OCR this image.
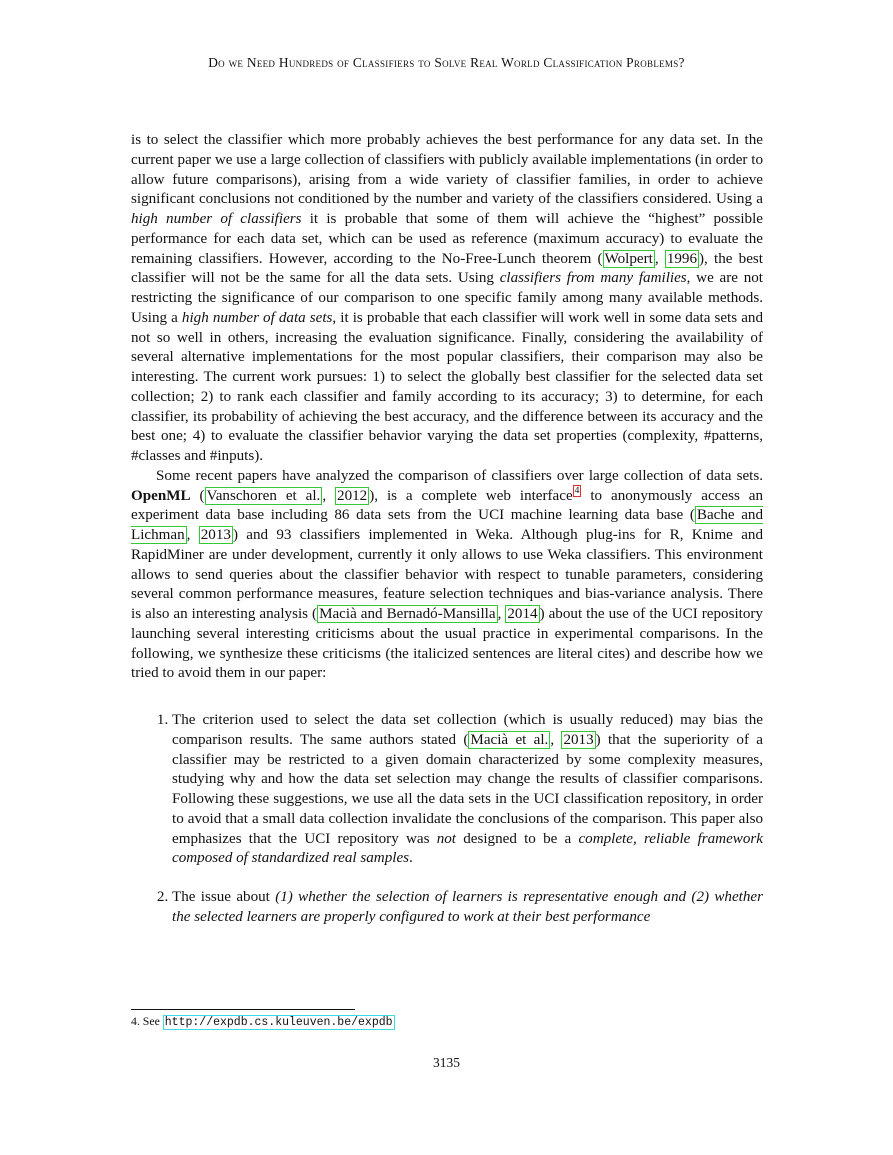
Do we Need Hundreds of Classifiers to Solve Real World Classification Problems?

is to select the classifier which more probably achieves the best performance for any data set. In the current paper we use a large collection of classifiers with publicly available implementations (in order to allow future comparisons), arising from a wide variety of classifier families, in order to achieve significant conclusions not conditioned by the number and variety of the classifiers considered. Using a high number of classifiers it is probable that some of them will achieve the “highest” possible performance for each data set, which can be used as reference (maximum accuracy) to evaluate the remaining classifiers. However, according to the No-Free-Lunch theorem ( Wolpert , 1996 ), the best classifier will not be the same for all the data sets. Using classifiers from many families, we are not restricting the significance of our comparison to one specific family among many available methods. Using a high number of data sets, it is probable that each classifier will work well in some data sets and not so well in others, increasing the evaluation significance. Finally, considering the availability of several alternative implementations for the most popular classifiers, their comparison may also be interesting. The current work pursues: 1) to select the globally best classifier for the selected data set collection; 2) to rank each classifier and family according to its accuracy; 3) to determine, for each classifier, its probability of achieving the best accuracy, and the difference between its accuracy and the best one; 4) to evaluate the classifier behavior varying the data set properties (complexity, #patterns, #classes and #inputs).

Some recent papers have analyzed the comparison of classifiers over large collection of data sets. OpenML ( Vanschoren et al. , 2012 ), is a complete web interface $^4$ to anonymously access an experiment data base including 86 data sets from the UCI machine learning data base ( Bache and Lichman , 2013 ) and 93 classifiers implemented in Weka. Although plug-ins for R, Knime and RapidMiner are under development, currently it only allows to use Weka classifiers. This environment allows to send queries about the classifier behavior with respect to tunable parameters, considering several common performance measures, feature selection techniques and bias-variance analysis. There is also an interesting analysis ( Macià and Bernadó-Mansilla , 2014 ) about the use of the UCI repository launching several interesting criticisms about the usual practice in experimental comparisons. In the following, we synthesize these criticisms (the italicized sentences are literal cites) and describe how we tried to avoid them in our paper:

1. The criterion used to select the data set collection (which is usually reduced) may bias the comparison results. The same authors stated ( Macià et al. , 2013 ) that the superiority of a classifier may be restricted to a given domain characterized by some complexity measures, studying why and how the data set selection may change the results of classifier comparisons. Following these suggestions, we use all the data sets in the UCI classification repository, in order to avoid that a small data collection invalidate the conclusions of the comparison. This paper also emphasizes that the UCI repository was not designed to be a complete, reliable framework composed of standardized real samples.
2. The issue about (1) whether the selection of learners is representative enough and (2) whether the selected learners are properly configured to work at their best performance
4. See http://expdb.cs.kuleuven.be/expdb
3135
